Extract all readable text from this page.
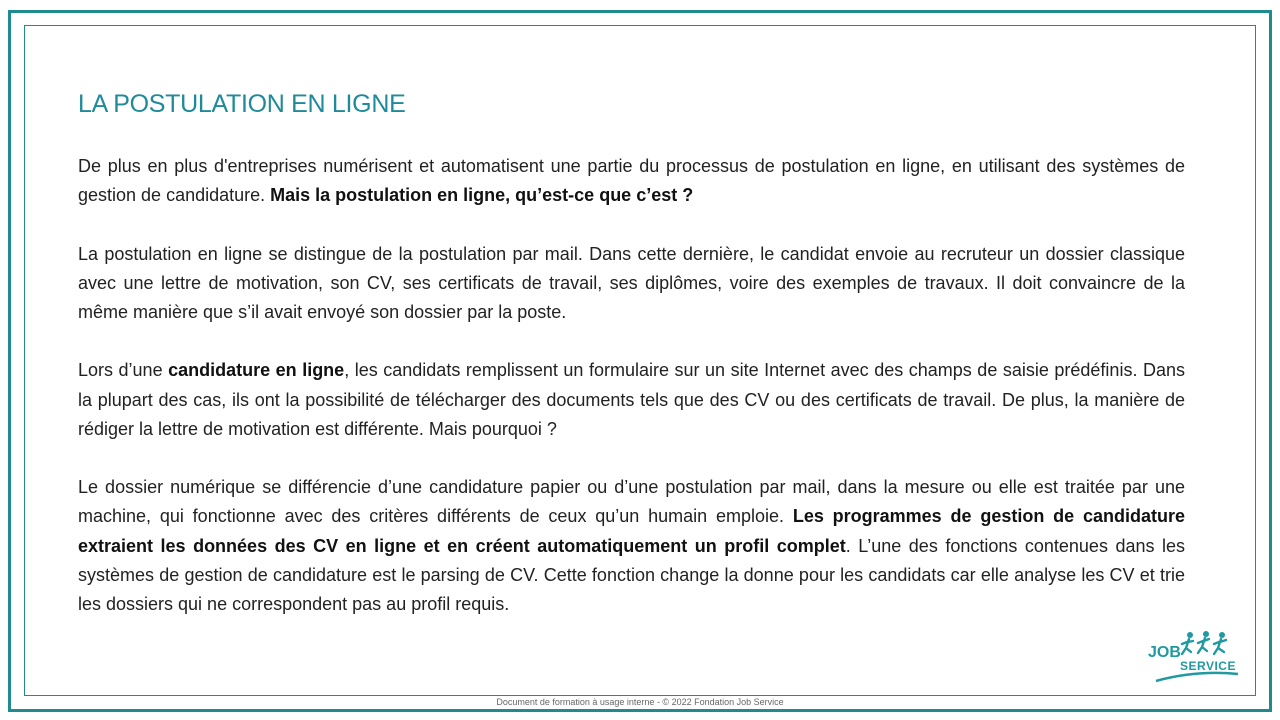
LA POSTULATION EN LIGNE

De plus en plus d'entreprises numérisent et automatisent une partie du processus de postulation en ligne, en utilisant des systèmes de gestion de candidature. Mais la postulation en ligne, qu’est-ce que c’est ?

La postulation en ligne se distingue de la postulation par mail. Dans cette dernière, le candidat envoie au recruteur un dossier classique avec une lettre de motivation, son CV, ses certificats de travail, ses diplômes, voire des exemples de travaux. Il doit convaincre de la même manière que s’il avait envoyé son dossier par la poste.

Lors d’une candidature en ligne, les candidats remplissent un formulaire sur un site Internet avec des champs de saisie prédéfinis. Dans la plupart des cas, ils ont la possibilité de télécharger des documents tels que des CV ou des certificats de travail. De plus, la manière de rédiger la lettre de motivation est différente. Mais pourquoi ?

Le dossier numérique se différencie d’une candidature papier ou d’une postulation par mail, dans la mesure ou elle est traitée par une machine, qui fonctionne avec des critères différents de ceux qu’un humain emploie. Les programmes de gestion de candidature extraient les données des CV en ligne et en créent automatiquement un profil complet. L’une des fonctions contenues dans les systèmes de gestion de candidature est le parsing de CV. Cette fonction change la donne pour les candidats car elle analyse les CV et trie les dossiers qui ne correspondent pas au profil requis.

JOB
SERVICE
Document de formation à usage interne - © 2022 Fondation Job Service
